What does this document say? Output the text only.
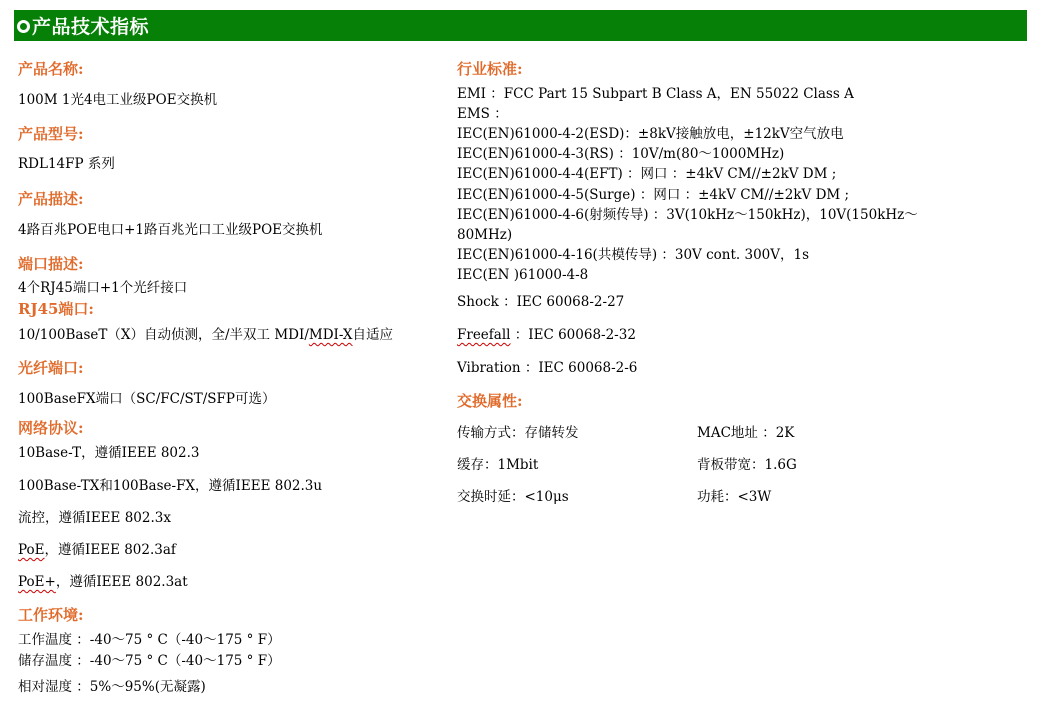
产品技术指标
产品名称:
100M 1光4电工业级POE交换机
产品型号:
RDL14FP 系列
产品描述:
4路百兆POE电口+1路百兆光口工业级POE交换机
端口描述:
4个RJ45端口+1个光纤接口
RJ45端口:
10/100BaseT（X）自动侦测，全/半双工 MDI/MDI-X自适应
光纤端口:
100BaseFX端口（SC/FC/ST/SFP可选）
网络协议:
10Base-T，遵循IEEE 802.3
100Base-TX和100Base-FX，遵循IEEE 802.3u
流控，遵循IEEE 802.3x
PoE，遵循IEEE 802.3af
PoE+，遵循IEEE 802.3at
工作环境:
工作温度 ：-40～75 ° C（-40～175 ° F）
储存温度 ：-40～75 ° C（-40～175 ° F）
相对湿度 ：5%～95%(无凝露)
行业标准:
EMI ：FCC Part 15 Subpart B Class A，EN 55022 Class A
EMS ：
IEC(EN)61000-4-2(ESD)：±8kV接触放电，±12kV空气放电
IEC(EN)61000-4-3(RS) ：10V/m(80～1000MHz)
IEC(EN)61000-4-4(EFT) ：网口 ：±4kV CM//±2kV DM ;
IEC(EN)61000-4-5(Surge) ：网口 ：±4kV CM//±2kV DM ;
IEC(EN)61000-4-6(射频传导) ：3V(10kHz～150kHz)，10V(150kHz～
80MHz)
IEC(EN)61000-4-16(共模传导) ：30V cont. 300V，1s
IEC(EN )61000-4-8
Shock ：IEC 60068-2-27
Freefall ：IEC 60068-2-32
Vibration ：IEC 60068-2-6
交换属性:
传输方式：存储转发	MAC地址 ：2K
缓存：1Mbit	背板带宽：1.6G
交换时延：<10μs	功耗：<3W
